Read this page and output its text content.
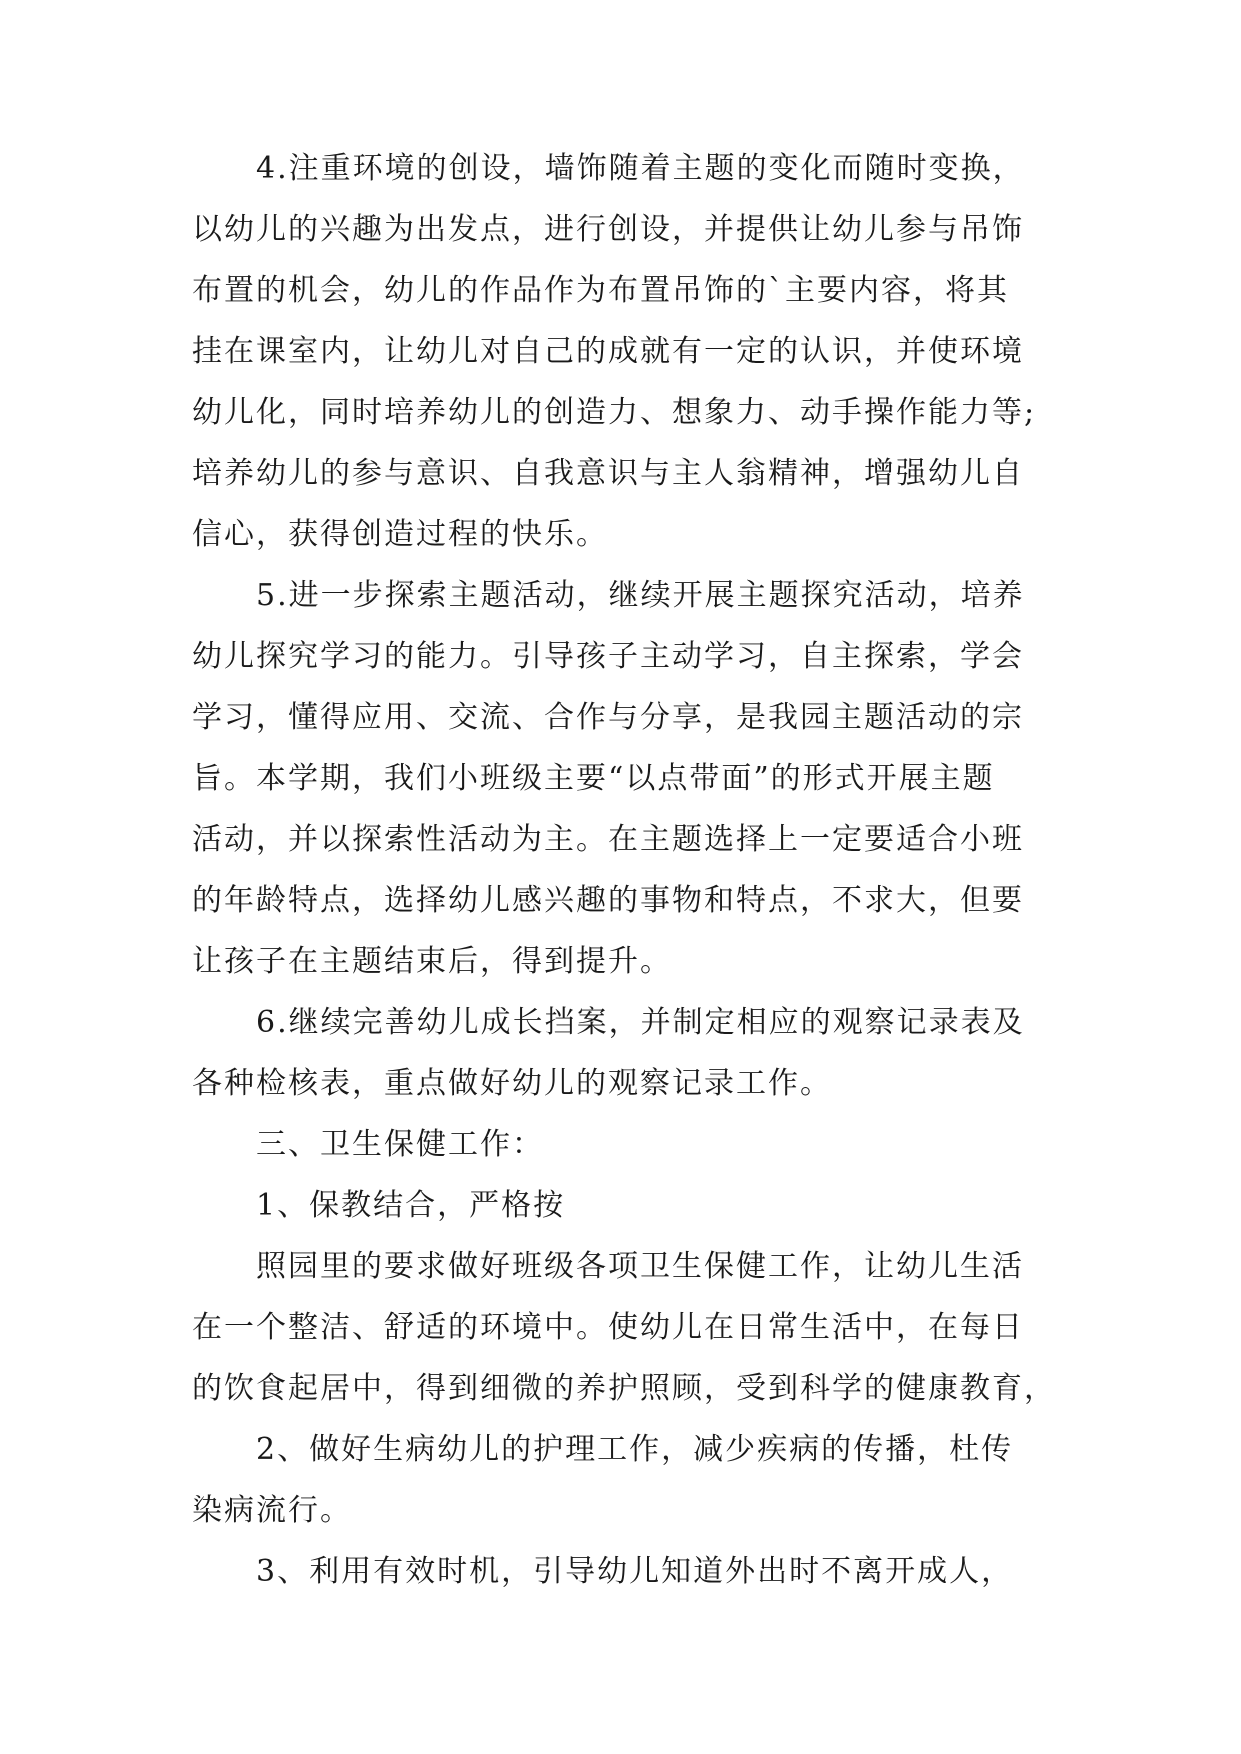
4.注重环境的创设，墙饰随着主题的变化而随时变换，
以幼儿的兴趣为出发点，进行创设，并提供让幼儿参与吊饰
布置的机会，幼儿的作品作为布置吊饰的`主要内容，将其
挂在课室内，让幼儿对自己的成就有一定的认识，并使环境
幼儿化，同时培养幼儿的创造力、想象力、动手操作能力等;
培养幼儿的参与意识、自我意识与主人翁精神，增强幼儿自
信心，获得创造过程的快乐。
5.进一步探索主题活动，继续开展主题探究活动，培养
幼儿探究学习的能力。引导孩子主动学习，自主探索，学会
学习，懂得应用、交流、合作与分享，是我园主题活动的宗
旨。本学期，我们小班级主要“以点带面”的形式开展主题
活动，并以探索性活动为主。在主题选择上一定要适合小班
的年龄特点，选择幼儿感兴趣的事物和特点，不求大，但要
让孩子在主题结束后，得到提升。
6.继续完善幼儿成长挡案，并制定相应的观察记录表及
各种检核表，重点做好幼儿的观察记录工作。
三、卫生保健工作：
1、保教结合，严格按
照园里的要求做好班级各项卫生保健工作，让幼儿生活
在一个整洁、舒适的环境中。使幼儿在日常生活中，在每日
的饮食起居中，得到细微的养护照顾，受到科学的健康教育，
2、做好生病幼儿的护理工作，减少疾病的传播，杜传
染病流行。
3、利用有效时机，引导幼儿知道外出时不离开成人，
